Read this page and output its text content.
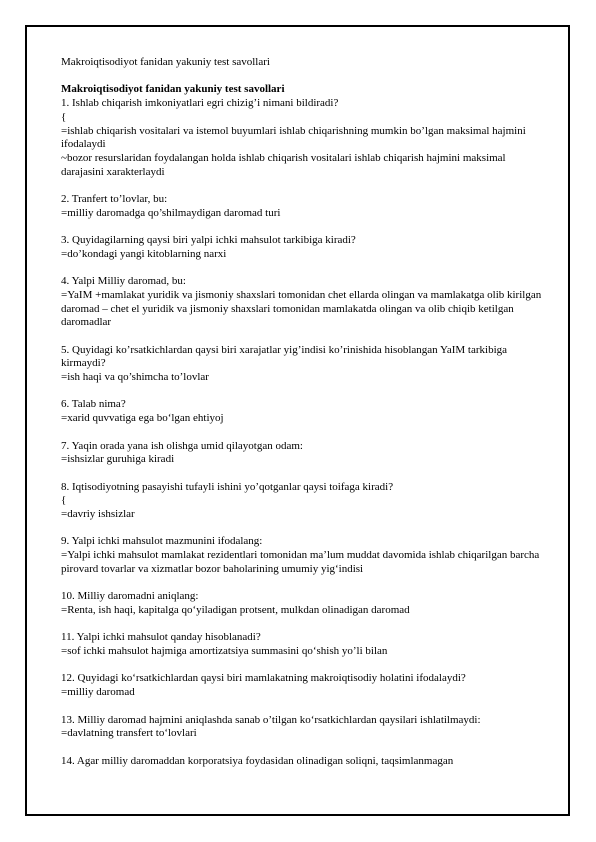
Makroiqtisodiyot fanidan yakuniy test savollari
Makroiqtisodiyot fanidan yakuniy test savollari
1. Ishlab chiqarish imkoniyatlari egri chizig’i nimani bildiradi?
{
=ishlab chiqarish vositalari va istemol buyumlari ishlab chiqarishning mumkin bo’lgan maksimal hajmini ifodalaydi
~bozor resurslaridan foydalangan holda ishlab chiqarish vositalari ishlab chiqarish hajmini maksimal darajasini xarakterlaydi
2. Tranfert to’lovlar, bu:
=milliy daromadga qo’shilmaydigan daromad turi
3. Quyidagilarning qaysi biri yalpi ichki mahsulot tarkibiga kiradi?
=do’kondagi yangi kitoblarning narxi
4. Yalpi Milliy daromad, bu:
=YaIM +mamlakat yuridik va jismoniy shaxslari tomonidan chet ellarda olingan va mamlakatga olib kirilgan daromad – chet el yuridik va jismoniy shaxslari tomonidan mamlakatda olingan va olib chiqib ketilgan daromadlar
5. Quyidagi ko’rsatkichlardan qaysi biri xarajatlar yig’indisi ko’rinishida hisoblangan YaIM tarkibiga kirmaydi?
=ish haqi va qo’shimcha to’lovlar
6. Talab nima?
=xarid quvvatiga ega bo‘lgan ehtiyoj
7. Yaqin orada yana ish olishga umid qilayotgan odam:
=ishsizlar guruhiga kiradi
8. Iqtisodiyotning pasayishi tufayli ishini yo’qotganlar qaysi toifaga kiradi?
{
=davriy ishsizlar
9. Yalpi ichki mahsulot mazmunini ifodalang:
=Yalpi ichki mahsulot mamlakat rezidentlari tomonidan ma’lum muddat davomida ishlab chiqarilgan barcha pirovard tovarlar va xizmatlar bozor baholarining umumiy yig‘indisi
10. Milliy daromadni aniqlang:
=Renta, ish haqi, kapitalga qo‘yiladigan protsent, mulkdan olinadigan daromad
11. Yalpi ichki mahsulot qanday hisoblanadi?
=sof ichki mahsulot hajmiga amortizatsiya summasini qo‘shish yo’li bilan
12. Quyidagi ko‘rsatkichlardan qaysi biri mamlakatning makroiqtisodiy holatini ifodalaydi?
=milliy daromad
13. Milliy daromad hajmini aniqlashda sanab o’tilgan ko‘rsatkichlardan qaysilari ishlatilmaydi:
=davlatning transfert to‘lovlari
14. Agar milliy daromaddan korporatsiya foydasidan olinadigan soliqni, taqsimlanmagan
